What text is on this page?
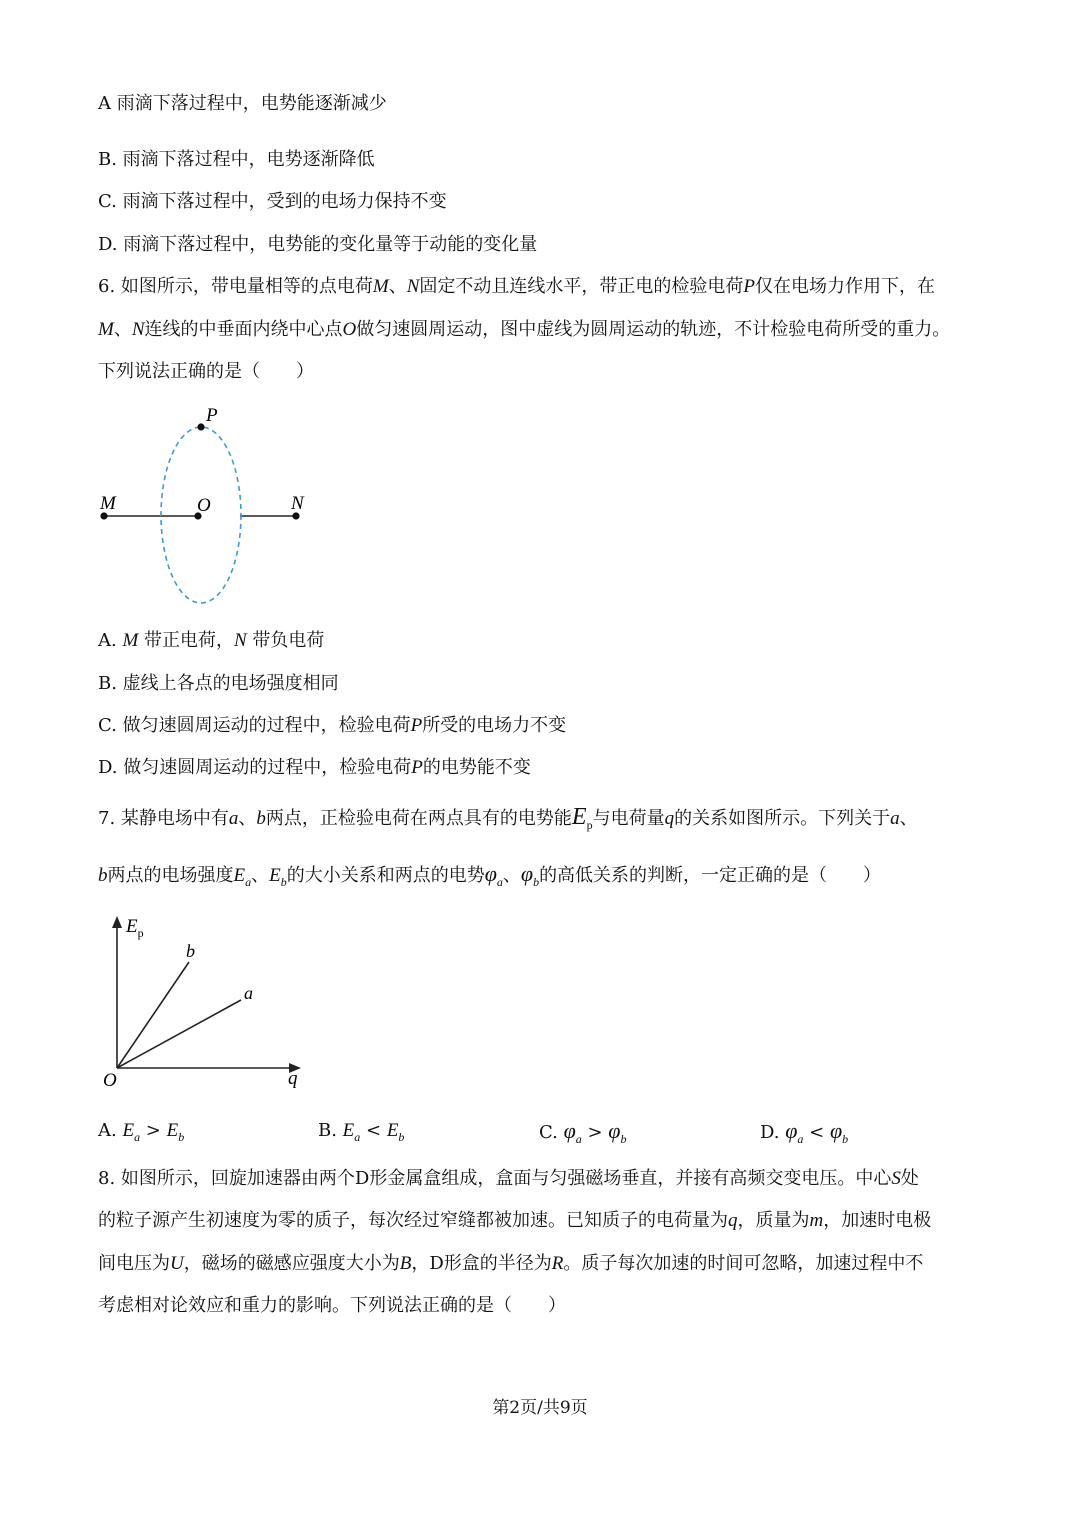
A 雨滴下落过程中，电势能逐渐减少
B. 雨滴下落过程中，电势逐渐降低
C. 雨滴下落过程中，受到的电场力保持不变
D. 雨滴下落过程中，电势能的变化量等于动能的变化量
6. 如图所示，带电量相等的点电荷M、N固定不动且连线水平，带正电的检验电荷P仅在电场力作用下，在
M、N连线的中垂面内绕中心点O做匀速圆周运动，图中虚线为圆周运动的轨迹，不计检验电荷所受的重力。
下列说法正确的是（　　）
P
M	O	N
A. M 带正电荷，N 带负电荷
B. 虚线上各点的电场强度相同
C. 做匀速圆周运动的过程中，检验电荷P所受的电场力不变
D. 做匀速圆周运动的过程中，检验电荷P的电势能不变
7. 某静电场中有a、b两点，正检验电荷在两点具有的电势能$E_p$与电荷量q的关系如图所示。下列关于a、
b两点的电场强度$E_a$、$E_b$的大小关系和两点的电势$\varphi_a$、$\varphi_b$的高低关系的判断，一定正确的是（　　）
$E_p$
q
O
b
a
A. $E_a > E_b$	B. $E_a < E_b$	C. $\varphi_a > \varphi_b$	D. $\varphi_a < \varphi_b$
8. 如图所示，回旋加速器由两个D形金属盒组成，盒面与匀强磁场垂直，并接有高频交变电压。中心S处
的粒子源产生初速度为零的质子，每次经过窄缝都被加速。已知质子的电荷量为q，质量为m，加速时电极
间电压为U，磁场的磁感应强度大小为B，D形盒的半径为R。质子每次加速的时间可忽略，加速过程中不
考虑相对论效应和重力的影响。下列说法正确的是（　　）
第2页/共9页
